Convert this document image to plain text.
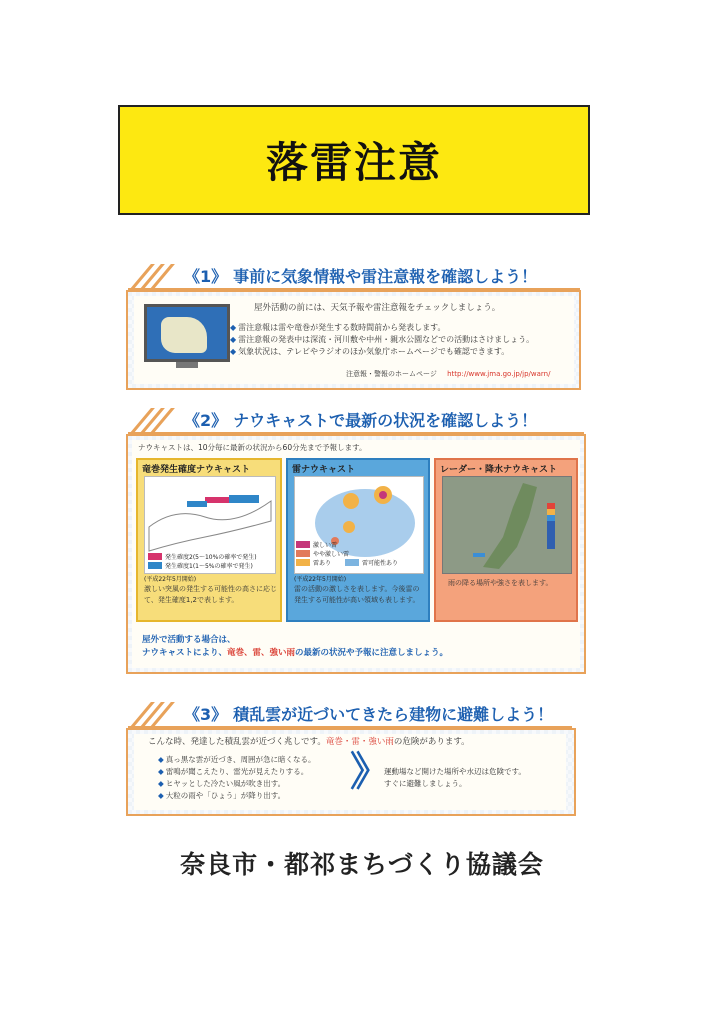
落雷注意
《1》 事前に気象情報や雷注意報を確認しよう！
屋外活動の前には、天気予報や雷注意報をチェックしましょう。
◆ 雷注意報は雷や竜巻が発生する数時間前から発表します。
◆ 雷注意報の発表中は深流・河川敷や中州・親水公園などでの活動はさけましょう。
◆ 気象状況は、テレビやラジオのほか気象庁ホームページでも確認できます。
注意報・警報のホームページ http://www.jma.go.jp/jp/warn/
《2》 ナウキャストで最新の状況を確認しよう！
ナウキャストは、10分毎に最新の状況から60分先まで予報します。
竜巻発生確度ナウキャスト
発生確度2(5〜10%の確率で発生)
発生確度1(1〜5%の確率で発生)
(平成22年5月開始)
激しい突風の発生する可能性の高さに応じて、発生確度1,2で表します。
雷ナウキャスト
激しい雷
やや激しい雷
雷あり	雷可能性あり
(平成22年5月開始)
雷の活動の激しさを表します。今後雷の発生する可能性が高い領域も表します。
レーダー・降水ナウキャスト
雨の降る場所や強さを表します。
屋外で活動する場合は、
ナウキャストにより、竜巻、雷、強い雨の最新の状況や予報に注意しましょう。
《3》 積乱雲が近づいてきたら建物に避難しよう！
こんな時、発達した積乱雲が近づく兆しです。竜巻・雷・強い雨の危険があります。
◆ 真っ黒な雲が近づき、周囲が急に暗くなる。
◆ 雷鳴が聞こえたり、雷光が見えたりする。
◆ ヒヤッとした冷たい風が吹き出す。
◆ 大粒の雨や「ひょう」が降り出す。
》
運動場など開けた場所や水辺は危険です。
すぐに避難しましょう。
奈良市・都祁まちづくり協議会
